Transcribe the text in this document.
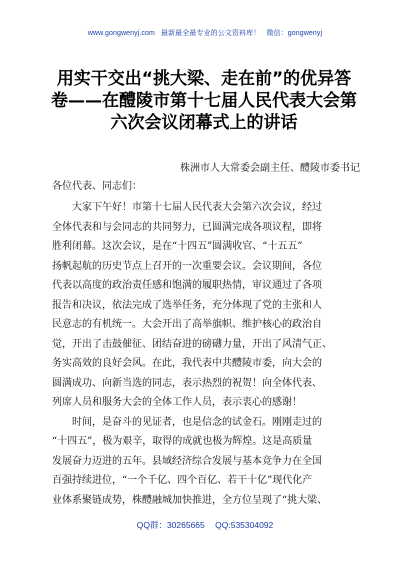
www.gongwenyj.com 最新最全最专业的公文资料库！ 微信：gongwenyj
用实干交出“挑大梁、走在前”的优异答
卷——在醴陵市第十七届人民代表大会第
六次会议闭幕式上的讲话
株洲市人大常委会副主任、醴陵市委书记
各位代表、同志们：
　　大家下午好！市第十七届人民代表大会第六次会议，经过
全体代表和与会同志的共同努力，已圆满完成各项议程，即将
胜利闭幕。这次会议，是在“十四五”圆满收官、“十五五”
扬帆起航的历史节点上召开的一次重要会议。会议期间，各位
代表以高度的政治责任感和饱满的履职热情，审议通过了各项
报告和决议，依法完成了选举任务，充分体现了党的主张和人
民意志的有机统一。大会开出了高举旗帜、维护核心的政治自
觉，开出了击鼓催征、团结奋进的磅礴力量，开出了风清气正、
务实高效的良好会风。在此，我代表中共醴陵市委，向大会的
圆满成功、向新当选的同志，表示热烈的祝贺！向全体代表、
列席人员和服务大会的全体工作人员，表示衷心的感谢！
　　时间，是奋斗的见证者，也是信念的试金石。刚刚走过的
“十四五”，极为艰辛，取得的成就也极为辉煌。这是高质量
发展奋力迈进的五年。县域经济综合发展与基本竞争力在全国
百强持续进位，“一个千亿、四个百亿、若干十亿”现代化产
业体系聚链成势，株醴融城加快推进，全方位呈现了“挑大梁、
QQ群：30265665 QQ:535304092
